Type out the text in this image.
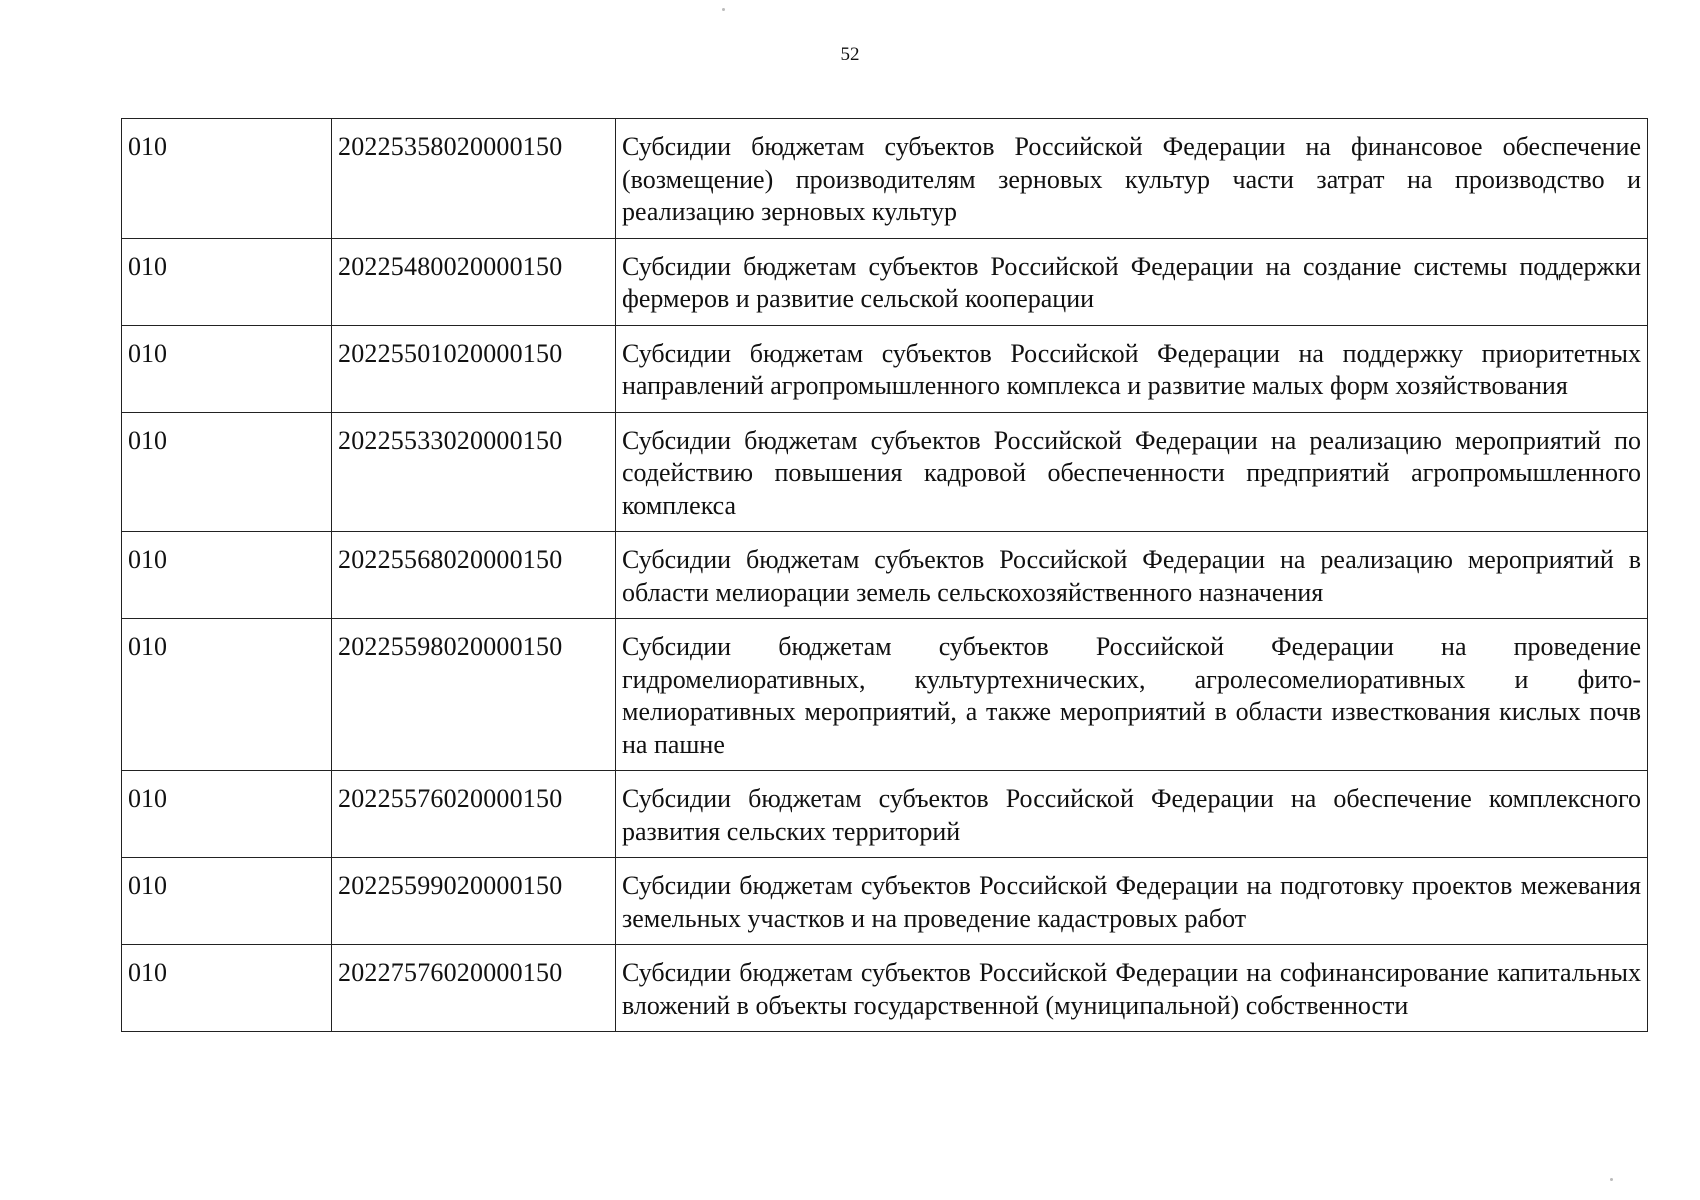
52
010	20225358020000150	Субсидии бюджетам субъектов Российской Федерации на финансовое обеспечение (возмещение) производителям зерновых культур части затрат на производство и реализацию зерновых культур
010	20225480020000150	Субсидии бюджетам субъектов Российской Федерации на создание системы поддержки фермеров и развитие сельской кооперации
010	20225501020000150	Субсидии бюджетам субъектов Российской Федерации на поддержку приоритетных направлений агропромышленного комплекса и развитие малых форм хозяйствования
010	20225533020000150	Субсидии бюджетам субъектов Российской Федерации на реализацию мероприятий по содействию повышения кадровой обеспеченности предприятий агропромышленного комплекса
010	20225568020000150	Субсидии бюджетам субъектов Российской Федерации на реализацию мероприятий в области мелиорации земель сельскохозяйственного назначения
010	20225598020000150	Субсидии бюджетам субъектов Российской Федерации на проведение гидромелиоративных, культуртехнических, агролесомелиоративных и фито-мелиоративных мероприятий, а также мероприятий в области известкования кислых почв на пашне
010	20225576020000150	Субсидии бюджетам субъектов Российской Федерации на обеспечение комплексного развития сельских территорий
010	20225599020000150	Субсидии бюджетам субъектов Российской Федерации на подготовку проектов межевания земельных участков и на проведение кадастровых работ
010	20227576020000150	Субсидии бюджетам субъектов Российской Федерации на софинансирование капитальных вложений в объекты государственной (муниципальной) собственности
